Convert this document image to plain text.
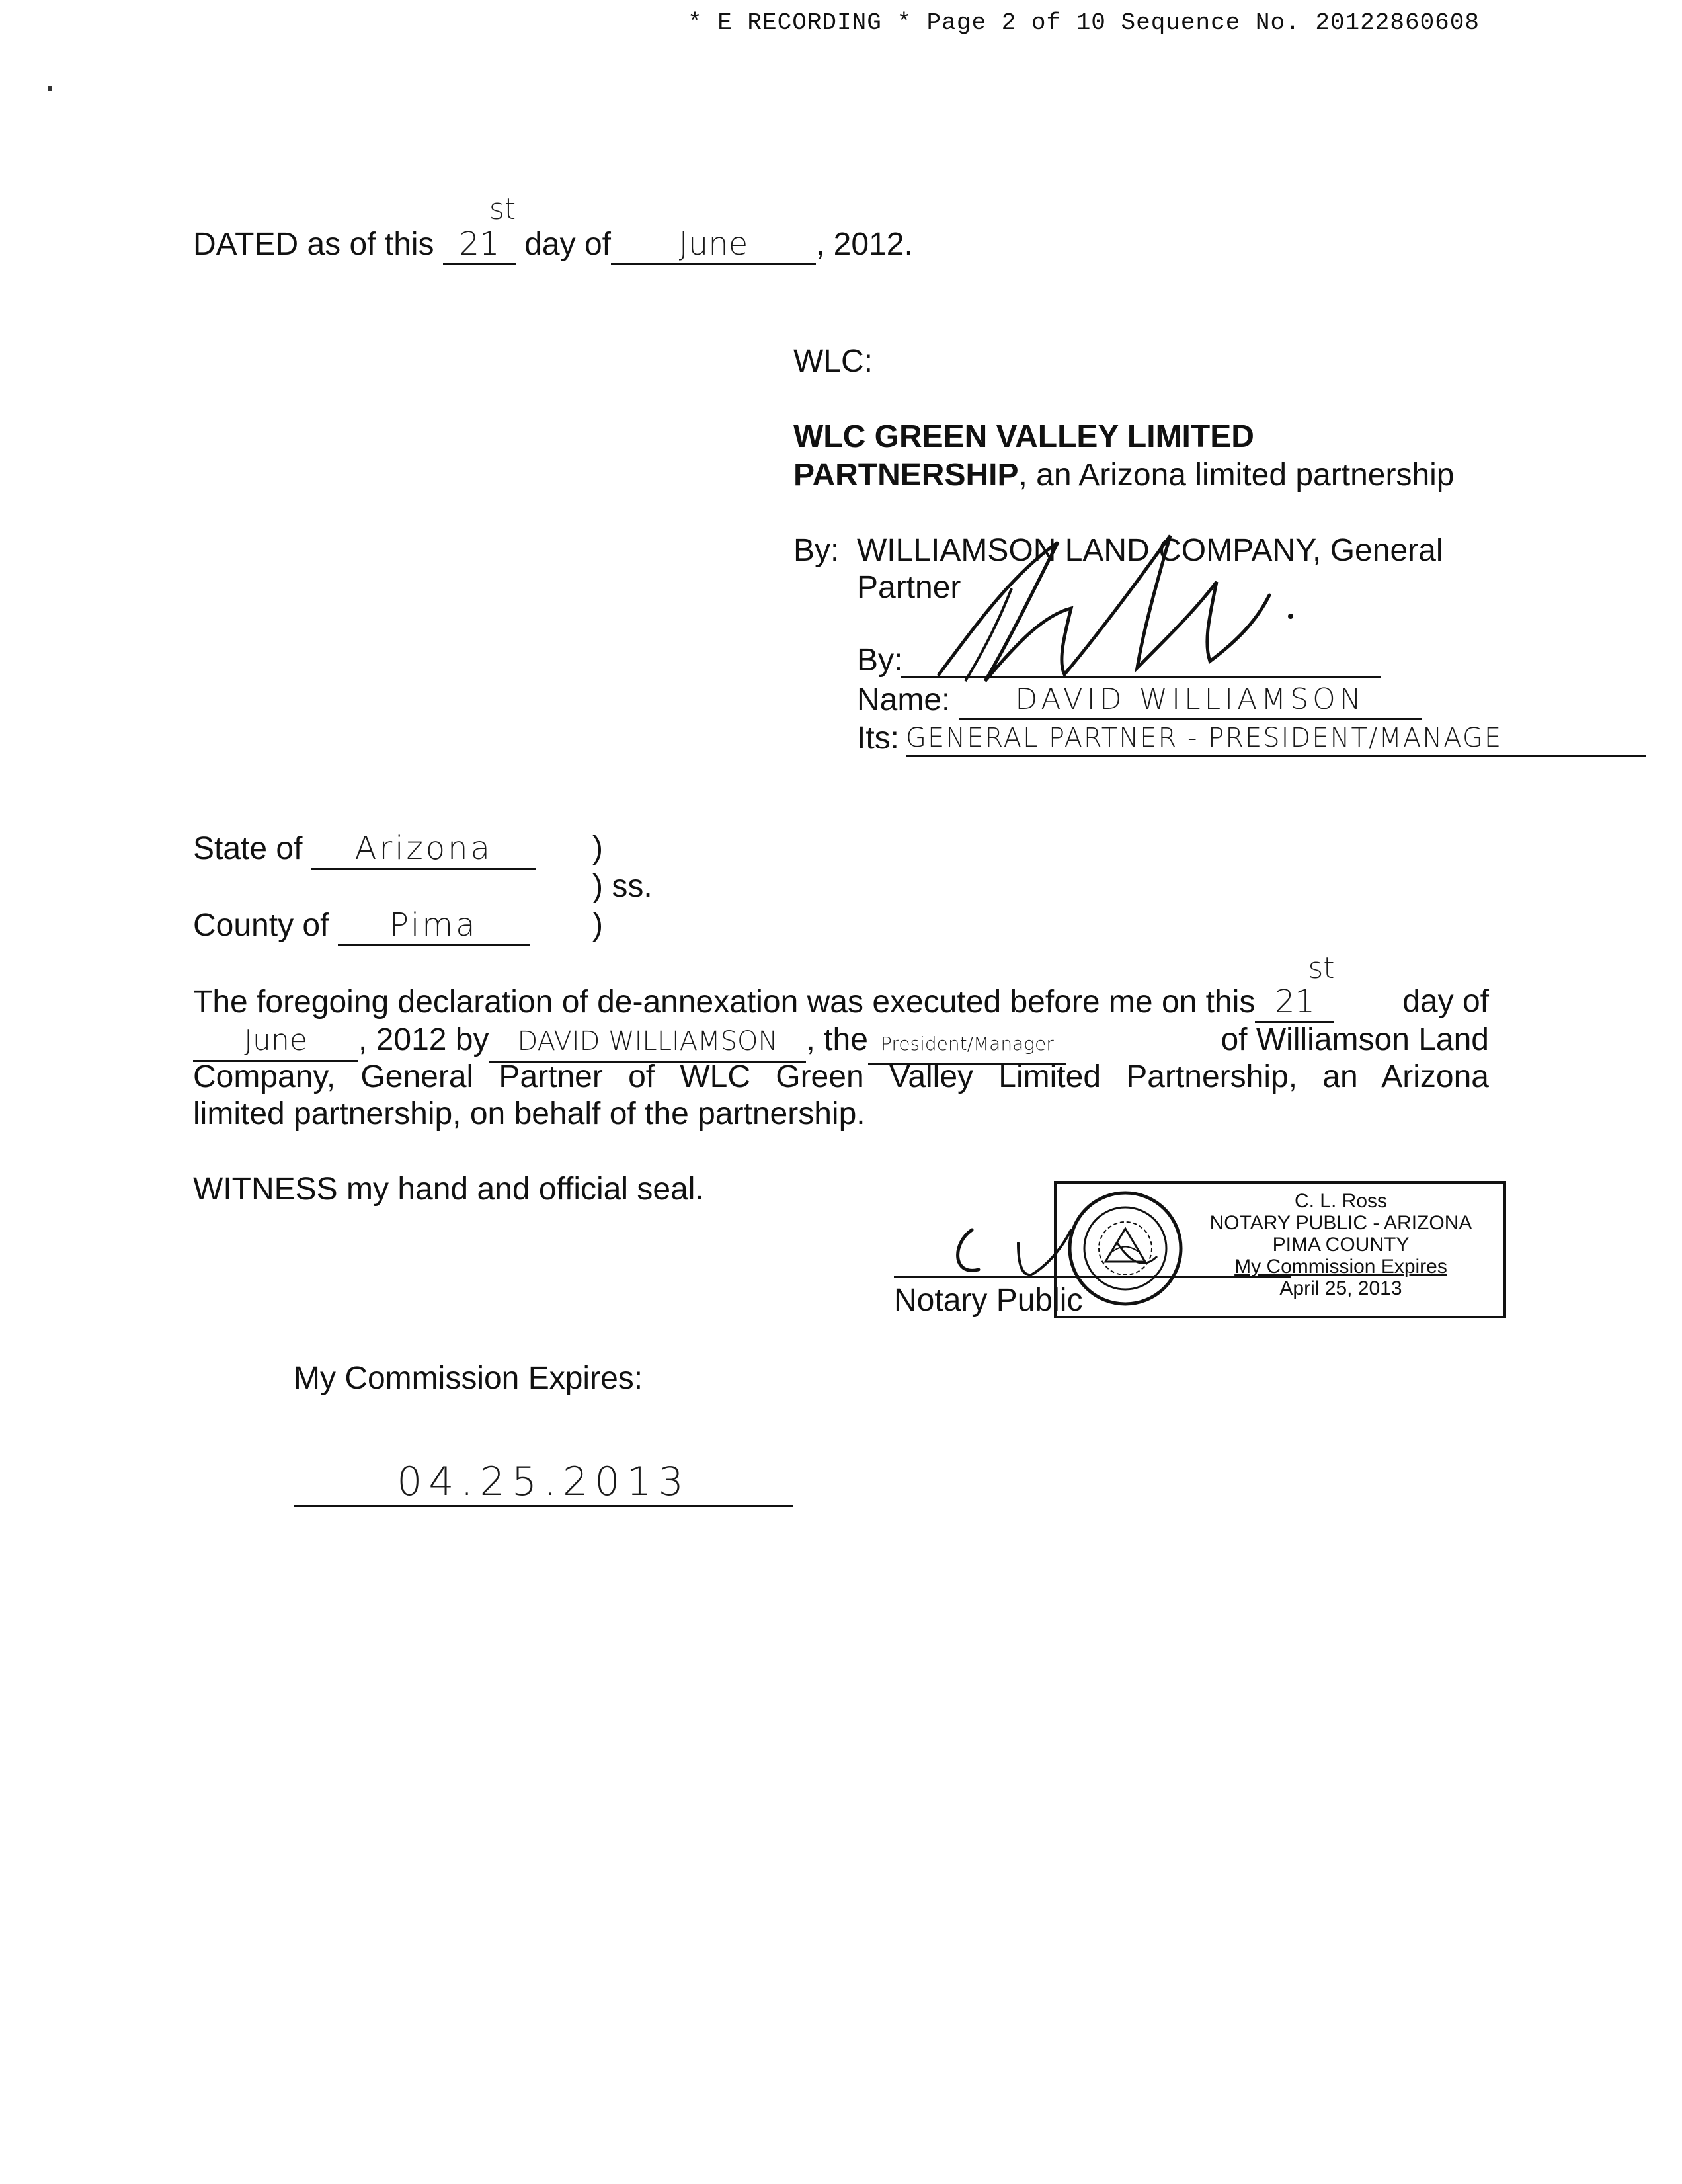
* E RECORDING * Page 2 of 10 Sequence No. 20122860608
DATED as of this 21
st
day of June , 2012.
WLC:
WLC GREEN VALLEY LIMITED
PARTNERSHIP, an Arizona limited partnership
By: WILLIAMSON LAND COMPANY, General
Partner
By:
Name:	DAVID WILLIAMSON
Its: GENERAL PARTNER - PRESIDENT/MANAGE
State of Arizona	)
) ss.
County of Pima	)
The foregoing declaration of de-annexation was executed before me on this 21
st
day of
June , 2012 by DAVID WILLIAMSON , the President/Manager	of Williamson Land
Company, General Partner of WLC Green Valley Limited Partnership, an Arizona
limited partnership, on behalf of the partnership.
WITNESS my hand and official seal.
Notary Public
C. L. Ross
NOTARY PUBLIC - ARIZONA
PIMA COUNTY
My Commission Expires
April 25, 2013
My Commission Expires:
04.25.2013
